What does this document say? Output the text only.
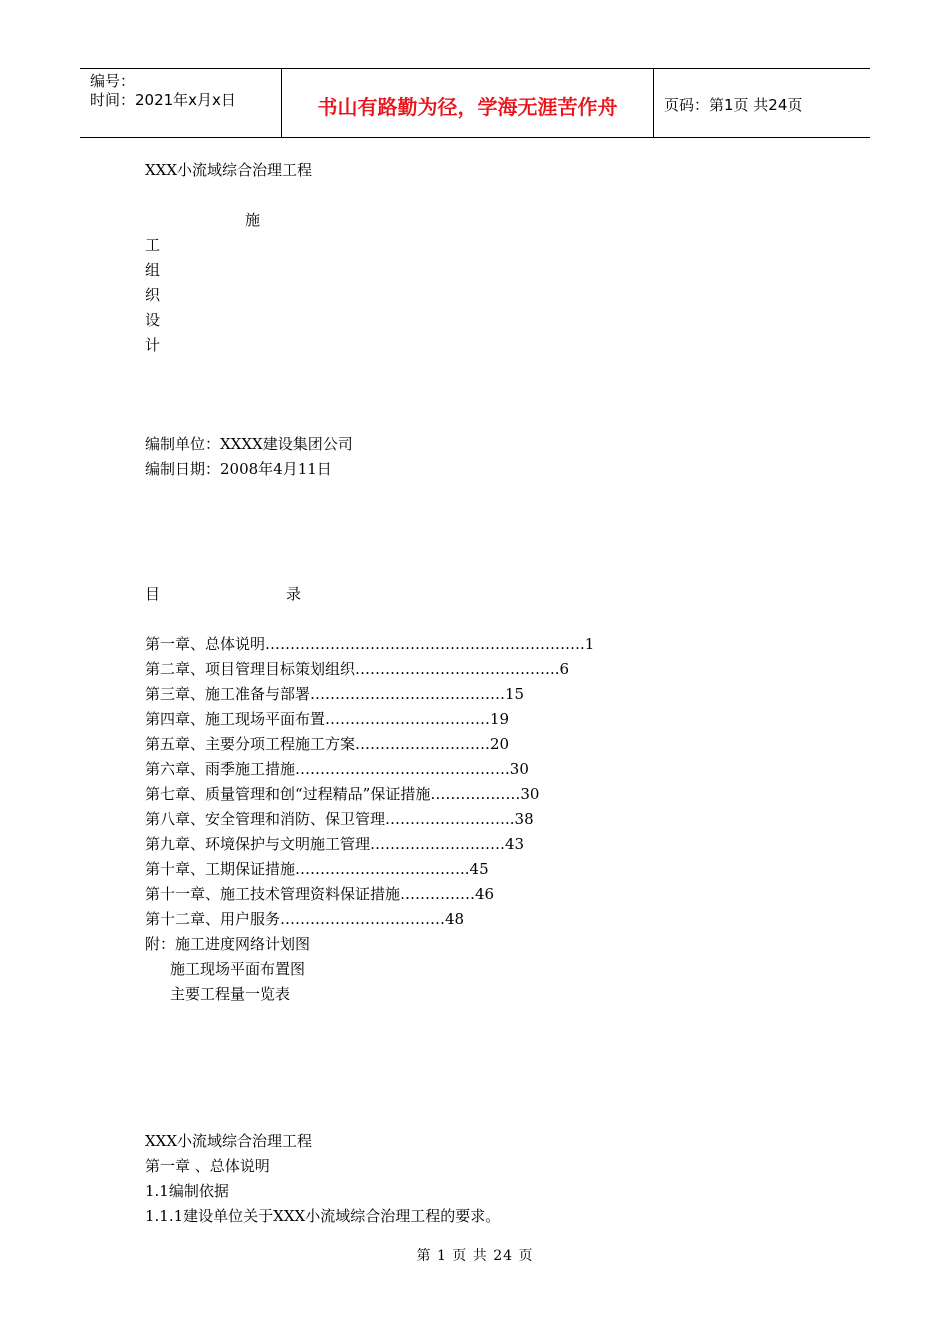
编号：
时间：2021年x月x日	书山有路勤为径，学海无涯苦作舟	页码：第1页 共24页
XXX小流域综合治理工程
施
工
组
织
设
计
编制单位：XXXX建设集团公司
编制日期：2008年4月11日
目	录
第一章、总体说明……………………………………………………….1
第二章、项目管理目标策划组织…………………………………..6
第三章、施工准备与部署…………………………………15
第四章、施工现场平面布置……………………………19
第五章、主要分项工程施工方案………………………20
第六章、雨季施工措施…………………………………….30
第七章、质量管理和创“过程精品”保证措施………………30
第八章、安全管理和消防、保卫管理……………………..38
第九章、环境保护与文明施工管理………………………43
第十章、工期保证措施……………………………..45
第十一章、施工技术管理资料保证措施……………46
第十二章、用户服务……………………………48
附：施工进度网络计划图
施工现场平面布置图
主要工程量一览表
XXX小流域综合治理工程
第一章 、总体说明
1.1编制依据
1.1.1建设单位关于XXX小流域综合治理工程的要求。
第 1 页 共 24 页
